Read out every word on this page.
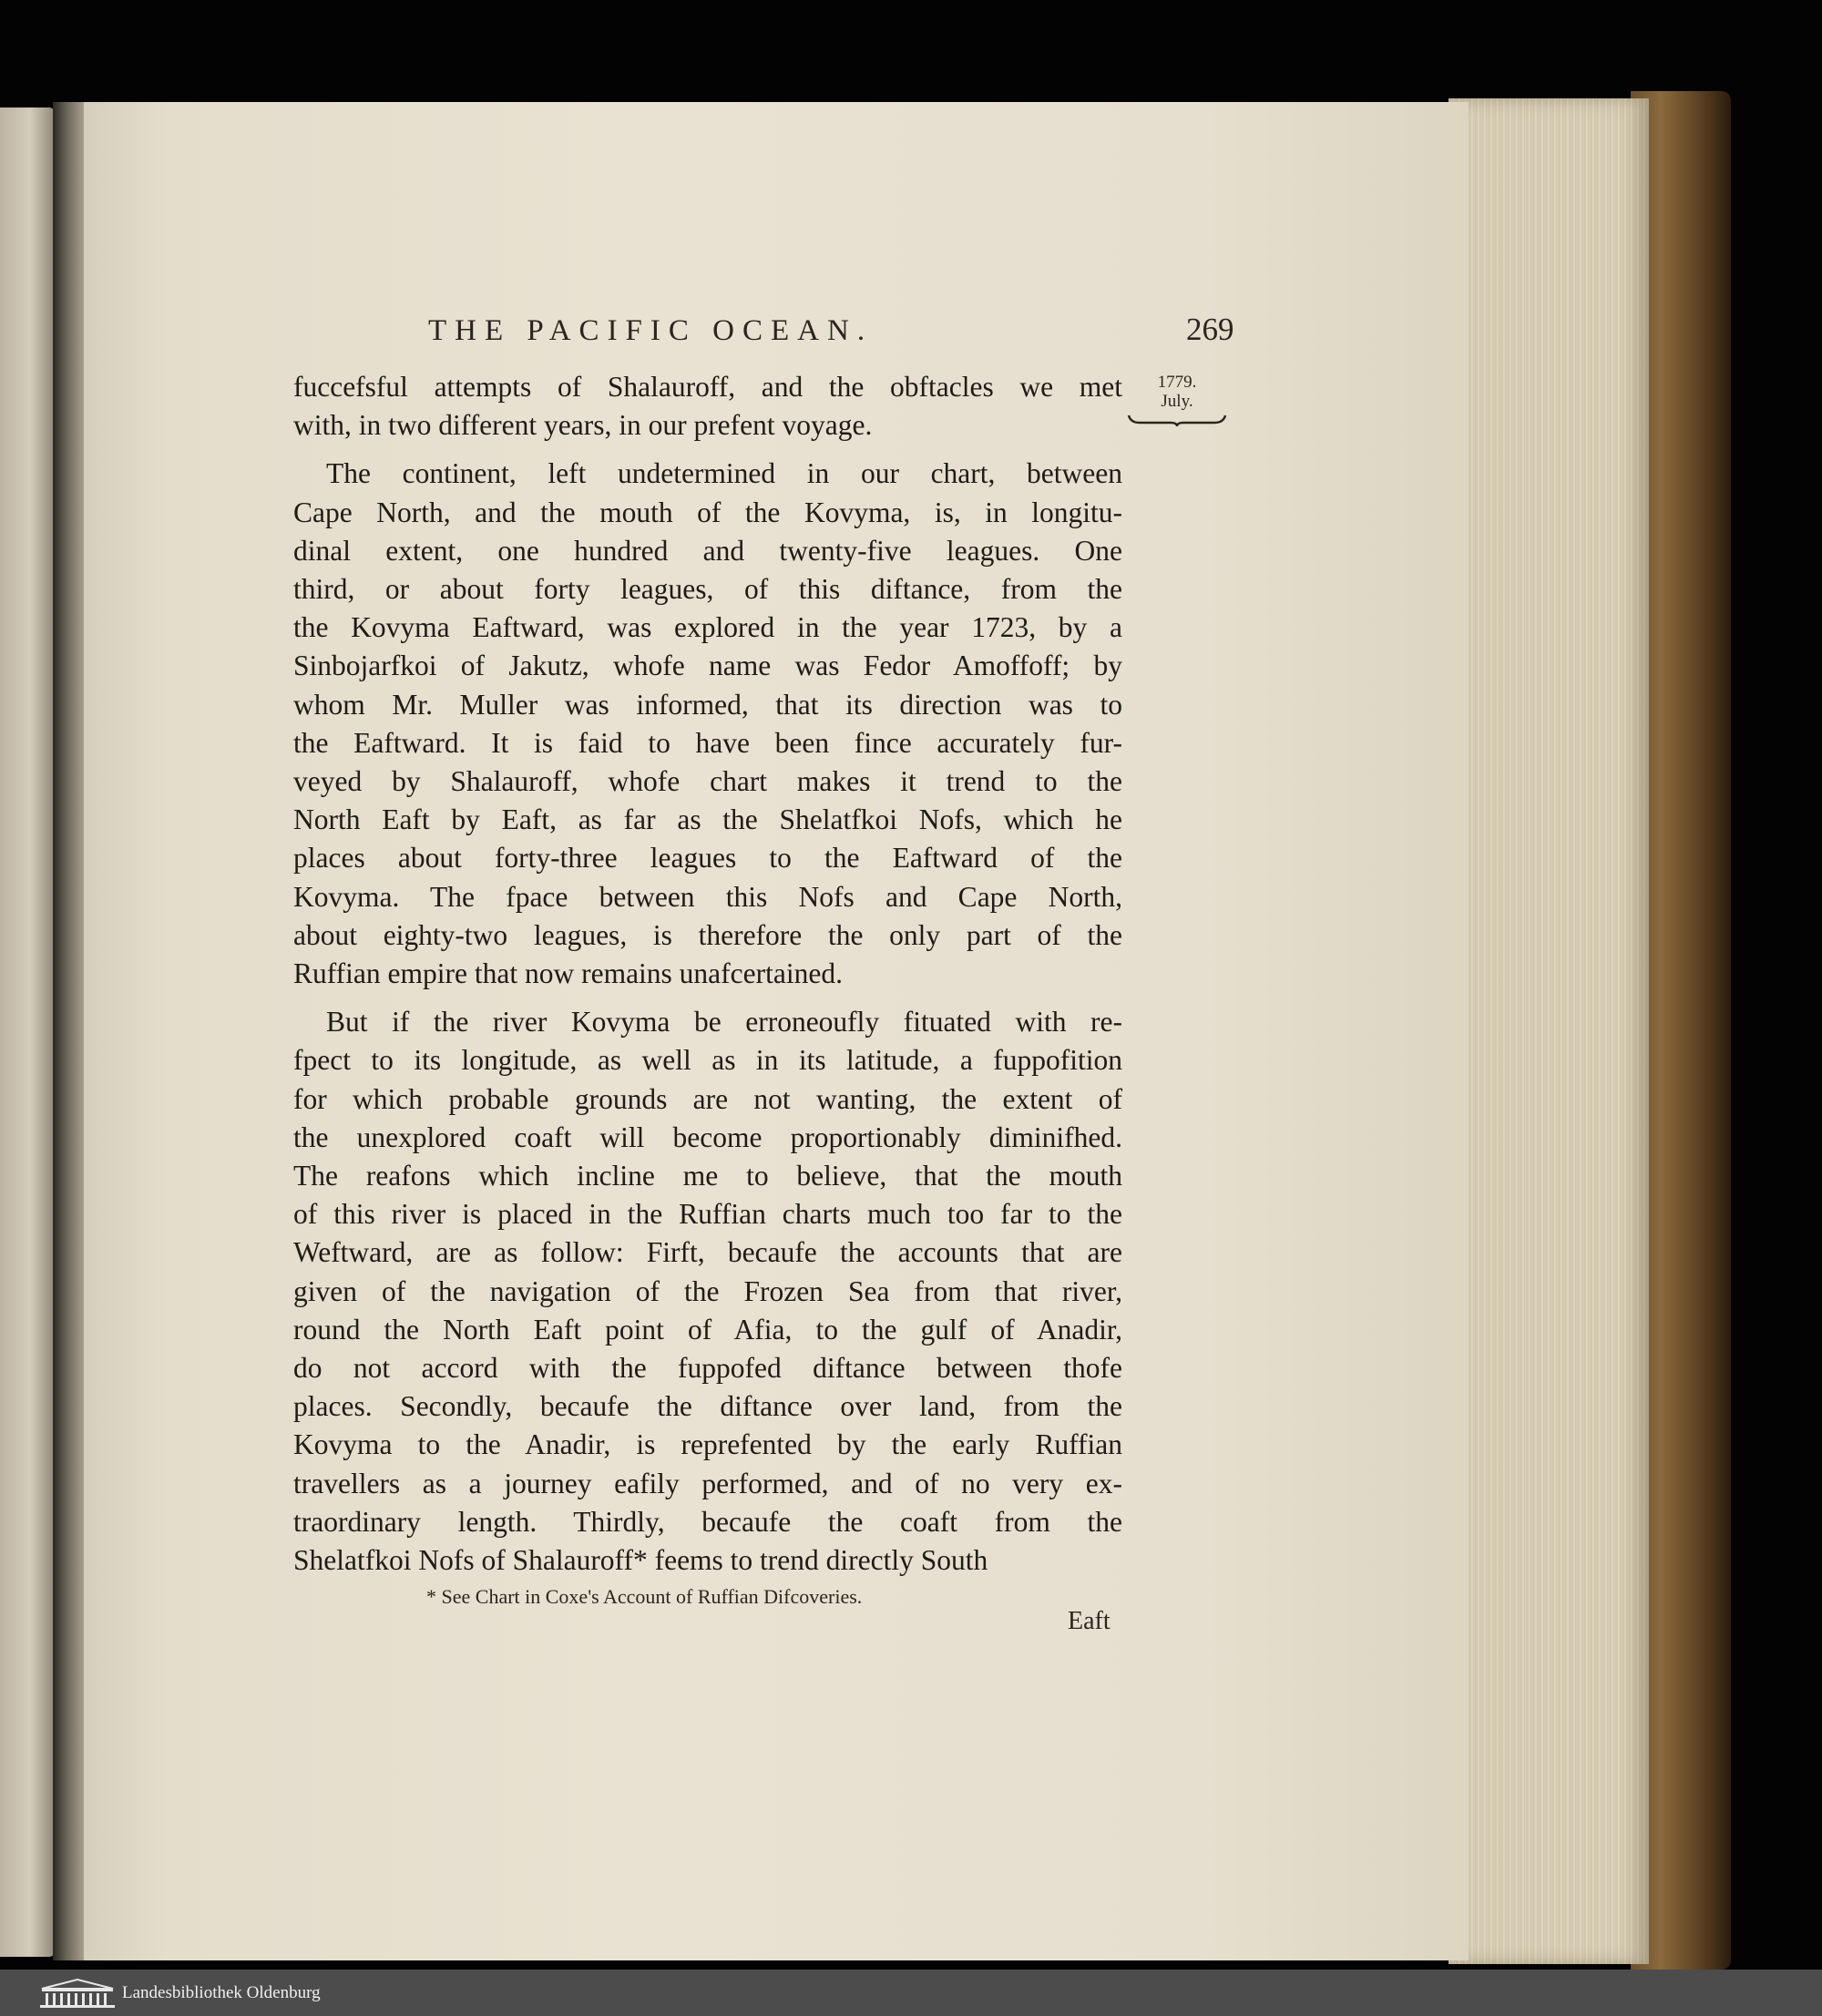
THE PACIFIC OCEAN.	269
1779.
July.
fuccefsful attempts of Shalauroff, and the obftacles we met
with, in two different years, in our prefent voyage.
The continent, left undetermined in our chart, between
Cape North, and the mouth of the Kovyma, is, in longitu-
dinal extent, one hundred and twenty-five leagues. One
third, or about forty leagues, of this diftance, from the
the Kovyma Eaftward, was explored in the year 1723, by a
Sinbojarfkoi of Jakutz, whofe name was Fedor Amoffoff; by
whom Mr. Muller was informed, that its direction was to
the Eaftward. It is faid to have been fince accurately fur-
veyed by Shalauroff, whofe chart makes it trend to the
North Eaft by Eaft, as far as the Shelatfkoi Nofs, which he
places about forty-three leagues to the Eaftward of the
Kovyma. The fpace between this Nofs and Cape North,
about eighty-two leagues, is therefore the only part of the
Ruffian empire that now remains unafcertained.
But if the river Kovyma be erroneoufly fituated with re-
fpect to its longitude, as well as in its latitude, a fuppofition
for which probable grounds are not wanting, the extent of
the unexplored coaft will become proportionably diminifhed.
The reafons which incline me to believe, that the mouth
of this river is placed in the Ruffian charts much too far to the
Weftward, are as follow: Firft, becaufe the accounts that are
given of the navigation of the Frozen Sea from that river,
round the North Eaft point of Afia, to the gulf of Anadir,
do not accord with the fuppofed diftance between thofe
places. Secondly, becaufe the diftance over land, from the
Kovyma to the Anadir, is reprefented by the early Ruffian
travellers as a journey eafily performed, and of no very ex-
traordinary length. Thirdly, becaufe the coaft from the
Shelatfkoi Nofs of Shalauroff* feems to trend directly South
* See Chart in Coxe's Account of Ruffian Difcoveries.
Eaft
Landesbibliothek Oldenburg
